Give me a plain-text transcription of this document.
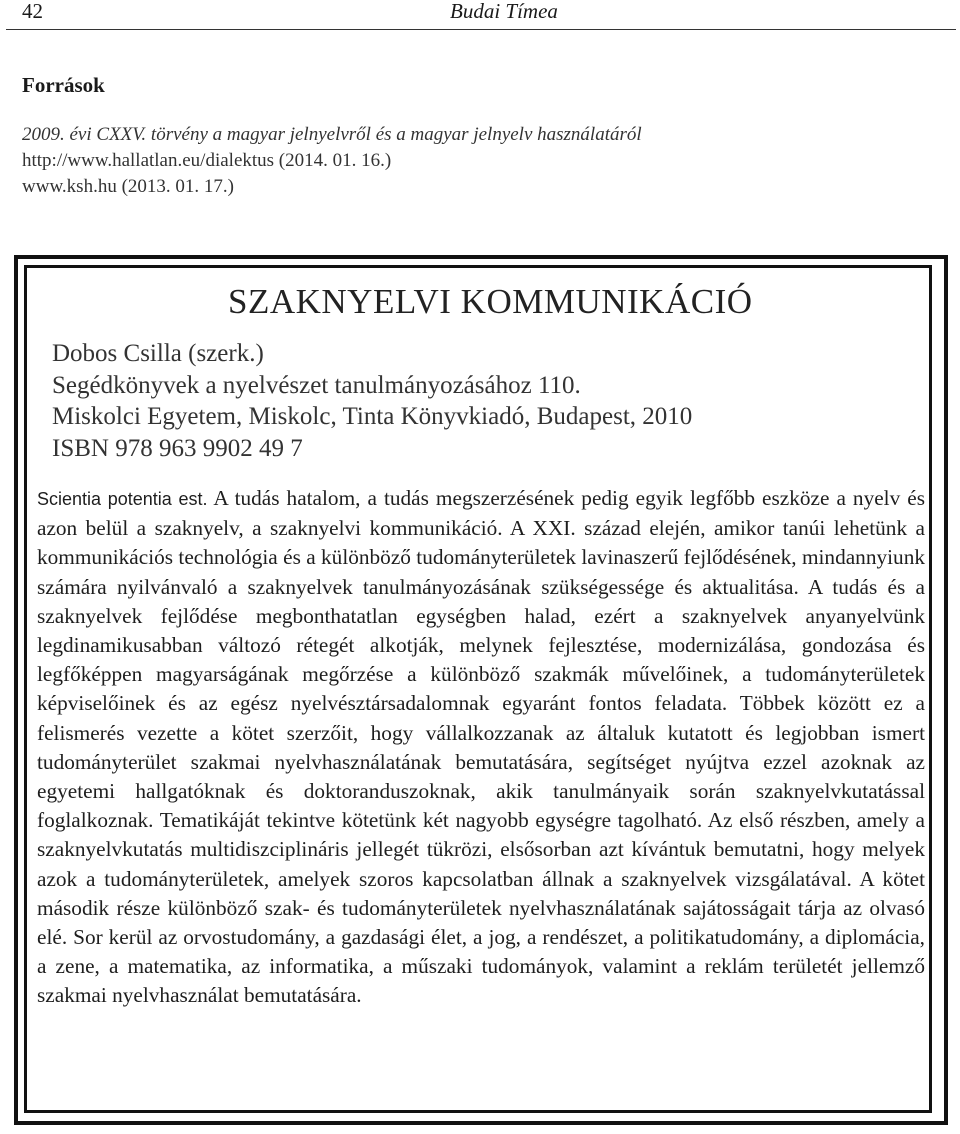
42	Budai Tímea
Források
2009. évi CXXV. törvény a magyar jelnyelvről és a magyar jelnyelv használatáról
http://www.hallatlan.eu/dialektus (2014. 01. 16.)
www.ksh.hu (2013. 01. 17.)
SZAKNYELVI KOMMUNIKÁCIÓ
Dobos Csilla (szerk.)
Segédkönyvek a nyelvészet tanulmányozásához 110.
Miskolci Egyetem, Miskolc, Tinta Könyvkiadó, Budapest, 2010
ISBN 978 963 9902 49 7

Scientia potentia est. A tudás hatalom, a tudás megszerzésének pedig egyik legfőbb eszköze a nyelv és azon belül a szaknyelv, a szaknyelvi kommunikáció. A XXI. század elején, amikor tanúi lehetünk a kommunikációs technológia és a különböző tudományterületek lavinaszerű fejlődésének, mindannyiunk számára nyilvánvaló a szaknyelvek tanulmányozásának szükségessége és aktualitása. A tudás és a szaknyelvek fejlődése megbonthatatlan egységben halad, ezért a szaknyelvek anyanyelvünk legdinamikusabban változó rétegét alkotják, melynek fejlesztése, modernizálása, gondozása és legfőképpen magyarságának megőrzése a különböző szakmák művelőinek, a tudományterületek képviselőinek és az egész nyelvésztársadalomnak egyaránt fontos feladata. Többek között ez a felismerés vezette a kötet szerzőit, hogy vállalkozzanak az általuk kutatott és legjobban ismert tudományterület szakmai nyelvhasználatának bemutatására, segítséget nyújtva ezzel azoknak az egyetemi hallgatóknak és doktoranduszoknak, akik tanulmányaik során szaknyelvkutatással foglalkoznak. Tematikáját tekintve kötetünk két nagyobb egységre tagolható. Az első részben, amely a szaknyelvkutatás multidiszciplináris jellegét tükrözi, elsősorban azt kívántuk bemutatni, hogy melyek azok a tudományterületek, amelyek szoros kapcsolatban állnak a szaknyelvek vizsgálatával. A kötet második része különböző szak- és tudományterületek nyelvhasználatának sajátosságait tárja az olvasó elé. Sor kerül az orvostudomány, a gazdasági élet, a jog, a rendészet, a politikatudomány, a diplomácia, a zene, a matematika, az informatika, a műszaki tudományok, valamint a reklám területét jellemző szakmai nyelvhasználat bemutatására.
